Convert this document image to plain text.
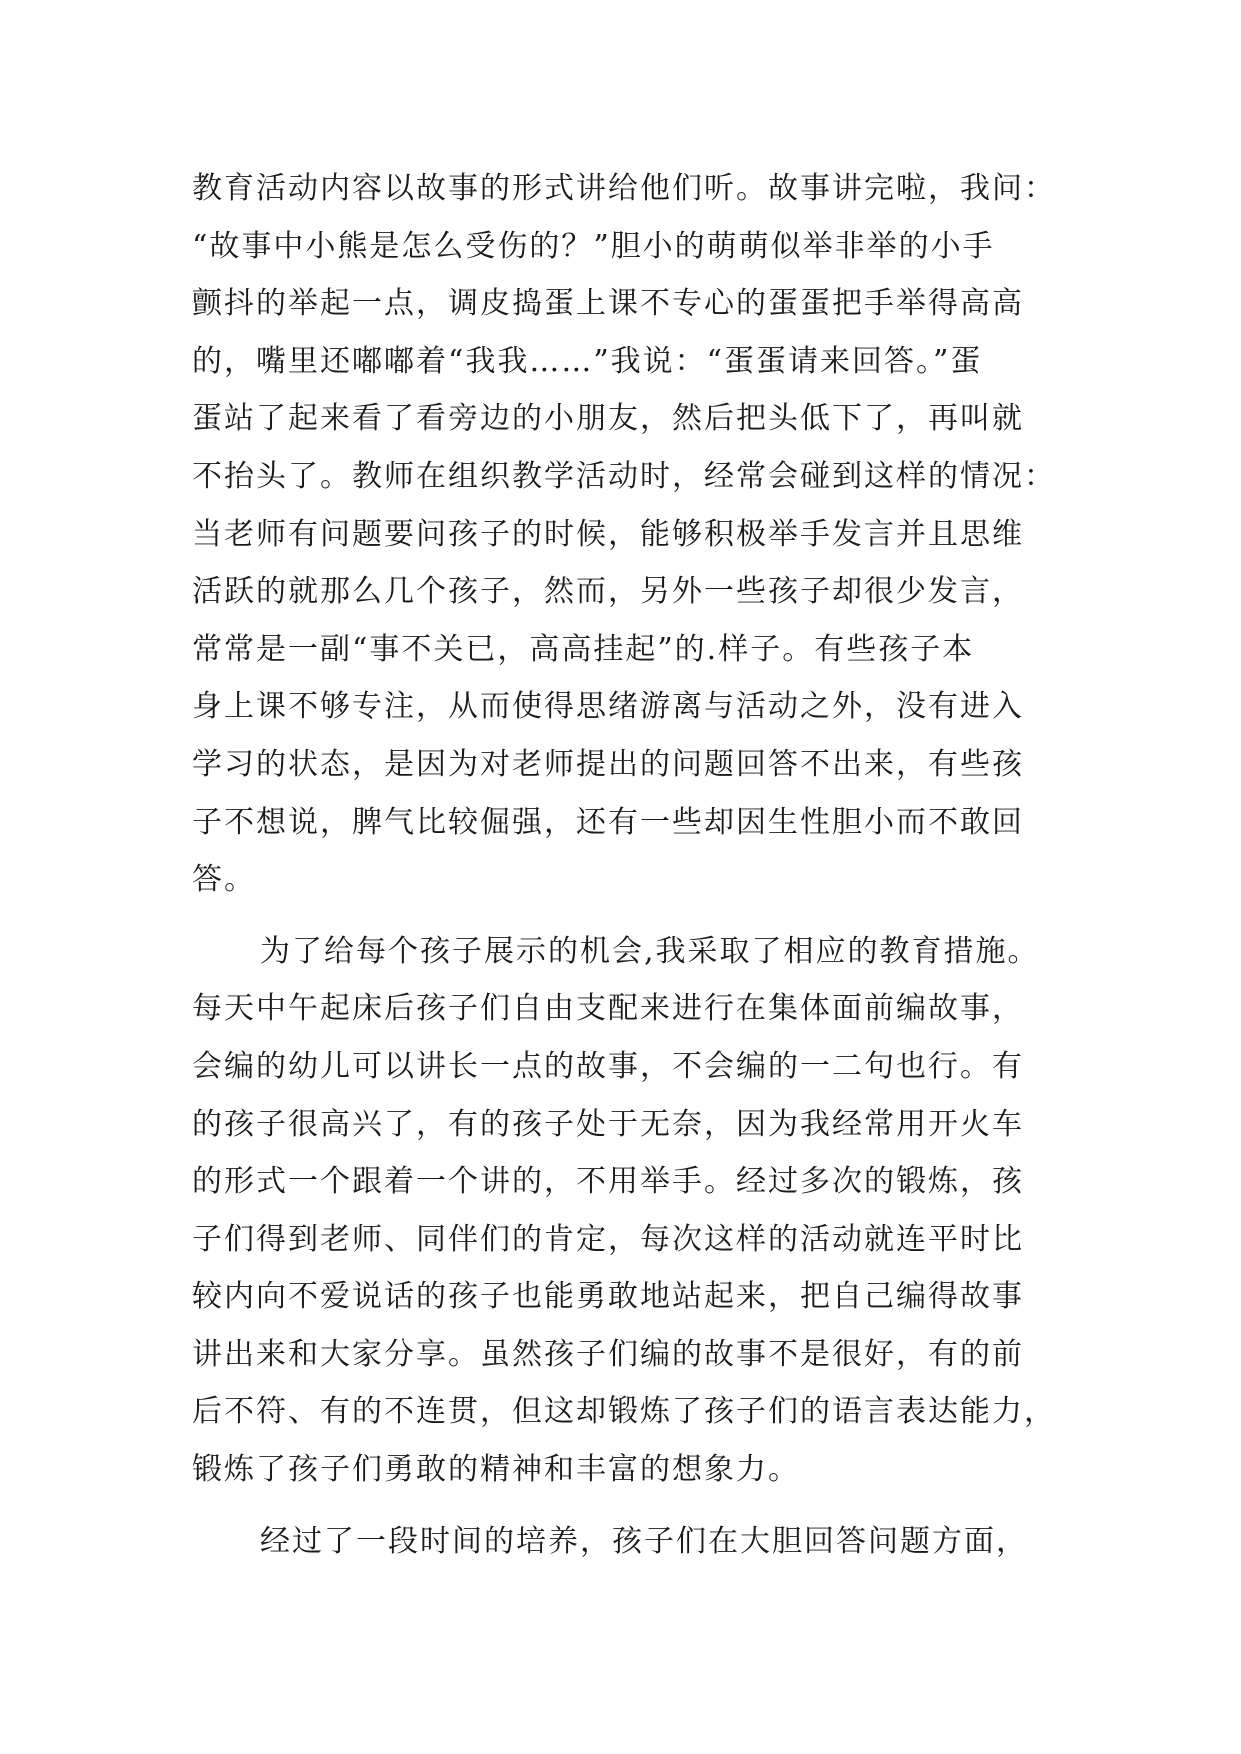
教育活动内容以故事的形式讲给他们听。故事讲完啦，我问：
“故事中小熊是怎么受伤的？”胆小的萌萌似举非举的小手
颤抖的举起一点，调皮捣蛋上课不专心的蛋蛋把手举得高高
的，嘴里还嘟嘟着“我我……”我说：“蛋蛋请来回答。”蛋
蛋站了起来看了看旁边的小朋友，然后把头低下了，再叫就
不抬头了。教师在组织教学活动时，经常会碰到这样的情况：
当老师有问题要问孩子的时候，能够积极举手发言并且思维
活跃的就那么几个孩子，然而，另外一些孩子却很少发言，
常常是一副“事不关已，高高挂起”的.样子。有些孩子本
身上课不够专注，从而使得思绪游离与活动之外，没有进入
学习的状态，是因为对老师提出的问题回答不出来，有些孩
子不想说，脾气比较倔强，还有一些却因生性胆小而不敢回
答。
为了给每个孩子展示的机会,我采取了相应的教育措施。
每天中午起床后孩子们自由支配来进行在集体面前编故事，
会编的幼儿可以讲长一点的故事，不会编的一二句也行。有
的孩子很高兴了，有的孩子处于无奈，因为我经常用开火车
的形式一个跟着一个讲的，不用举手。经过多次的锻炼，孩
子们得到老师、同伴们的肯定，每次这样的活动就连平时比
较内向不爱说话的孩子也能勇敢地站起来，把自己编得故事
讲出来和大家分享。虽然孩子们编的故事不是很好，有的前
后不符、有的不连贯，但这却锻炼了孩子们的语言表达能力，
锻炼了孩子们勇敢的精神和丰富的想象力。
经过了一段时间的培养，孩子们在大胆回答问题方面，
